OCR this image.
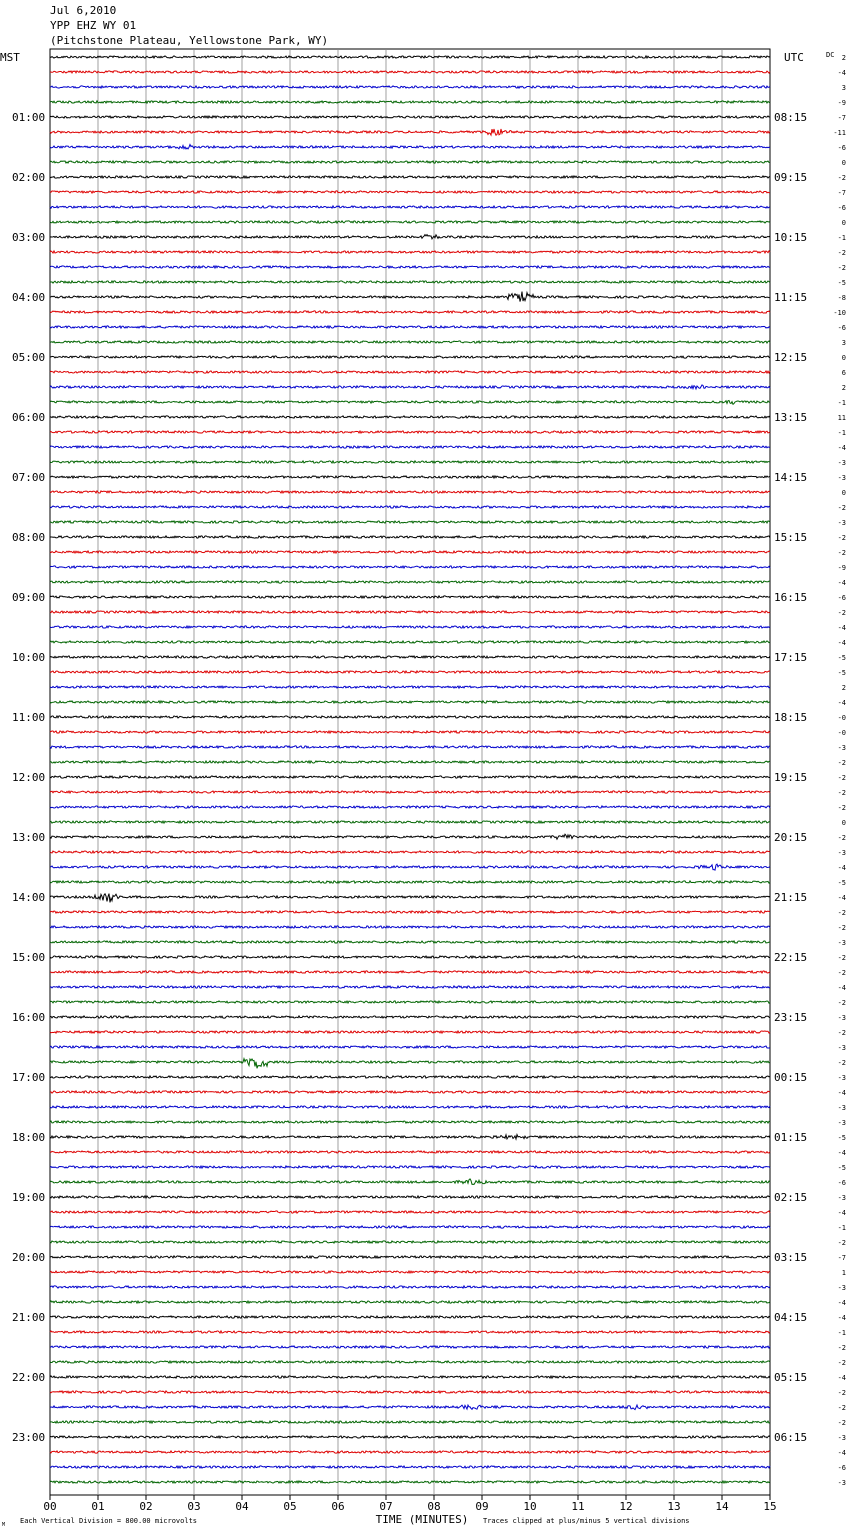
Jul 6,2010
YPP EHZ WY 01
(Pitchstone Plateau, Yellowstone Park, WY)
2
-4
3
-9
-7
-11
-6
0
-2
-7
-6
0
-1
-2
-2
-5
-8
-10
-6
3
0
6
2
-1
11
-1
-4
-3
-3
0
-2
-3
-2
-2
-9
-4
-6
-2
-4
-4
-5
-5
2
-4
-0
-0
-3
-2
-2
-2
-2
0
-2
-3
-4
-5
-4
-2
-2
-3
-2
-2
-4
-2
-3
-2
-3
-2
-3
-4
-3
-3
-5
-4
-5
-6
-3
-4
-1
-2
-7
1
-3
-4
-4
-1
-2
-2
-4
-2
-2
-2
-3
-4
-6
-3
01:00
02:00
03:00
04:00
05:00
06:00
07:00
08:00
09:00
10:00
11:00
12:00
13:00
14:00
15:00
16:00
17:00
18:00
19:00
20:00
21:00
22:00
23:00
08:15
09:15
10:15
11:15
12:15
13:15
14:15
15:15
16:15
17:15
18:15
19:15
20:15
21:15
22:15
23:15
00:15
01:15
02:15
03:15
04:15
05:15
06:15
00	01	02	03	04	05	06	07	08	09	10	11	12	13	14	15
MST	UTC	DC
TIME (MINUTES)
Each Vertical Division = 800.00 microvolts	Traces clipped at plus/minus 5 vertical divisions
M
